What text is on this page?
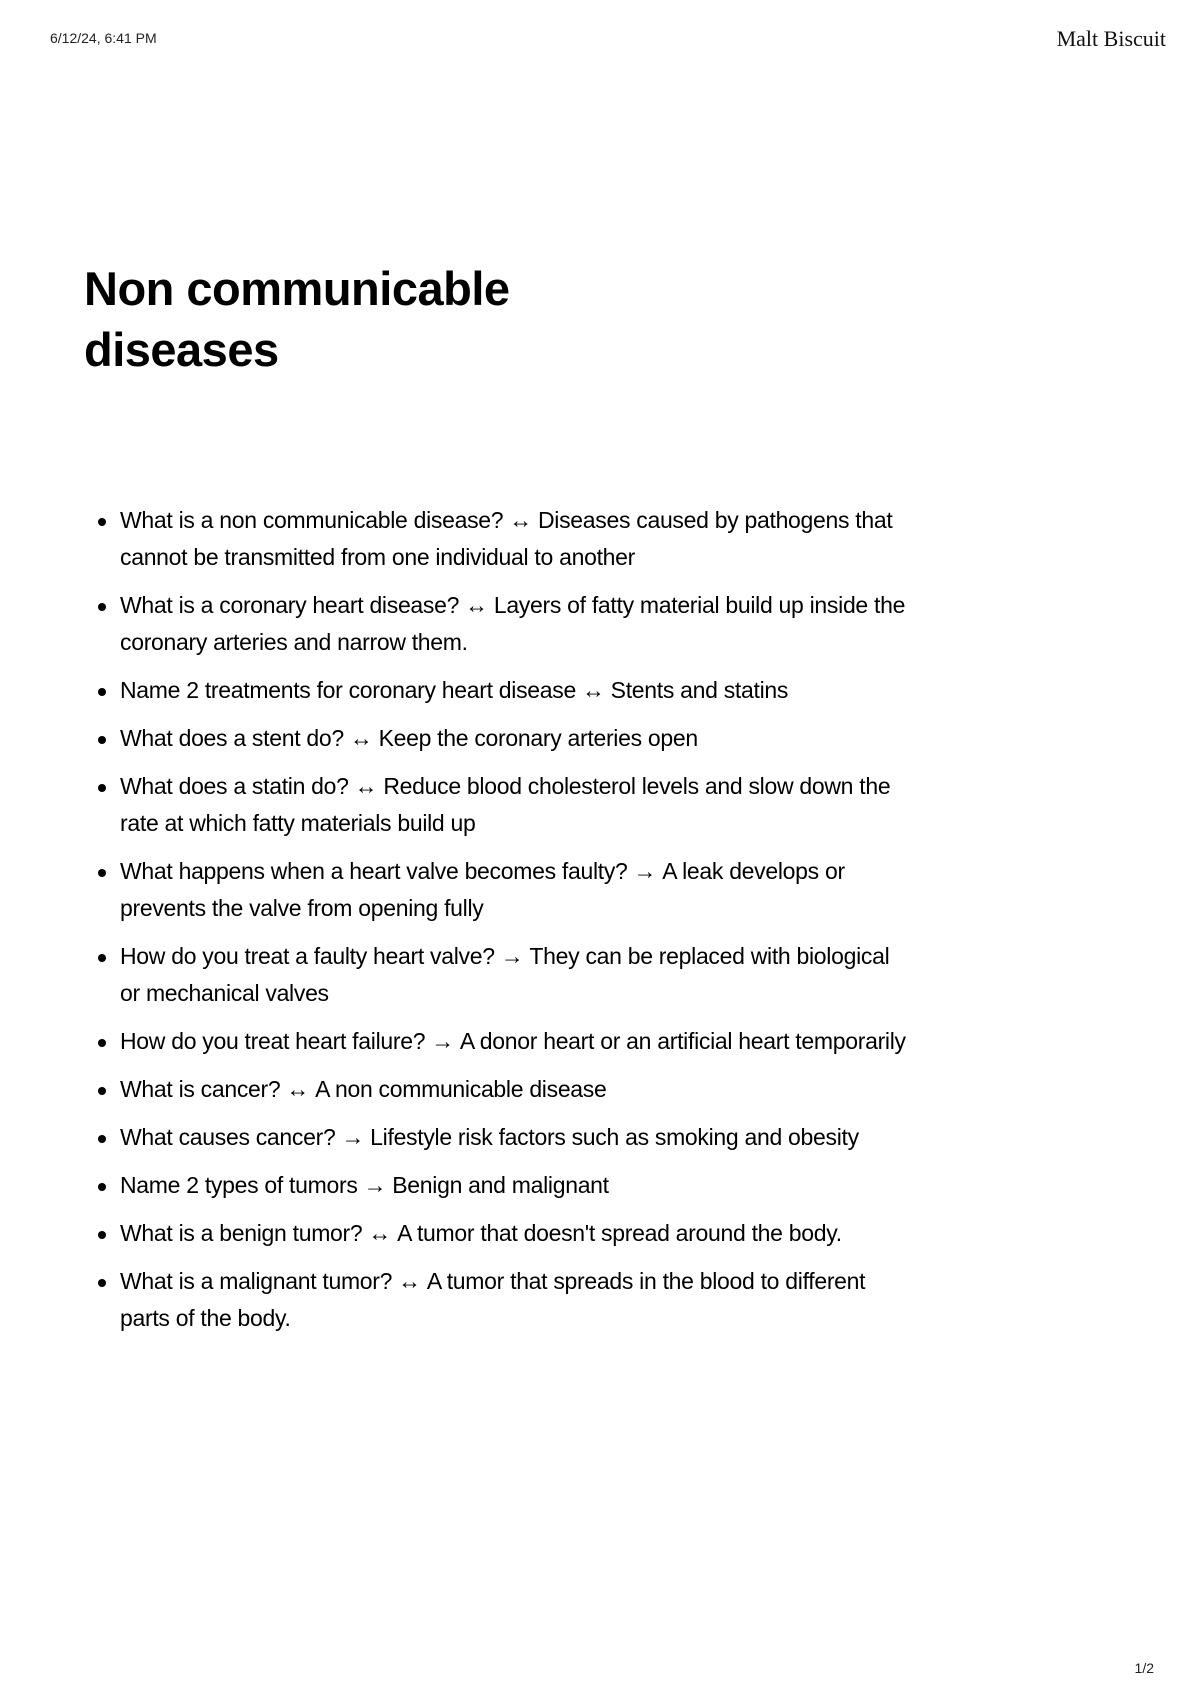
6/12/24, 6:41 PM	Malt Biscuit
Non communicable
diseases
What is a non communicable disease? ↔ Diseases caused by pathogens that cannot be transmitted from one individual to another
What is a coronary heart disease? ↔ Layers of fatty material build up inside the coronary arteries and narrow them.
Name 2 treatments for coronary heart disease ↔ Stents and statins
What does a stent do? ↔ Keep the coronary arteries open
What does a statin do? ↔ Reduce blood cholesterol levels and slow down the rate at which fatty materials build up
What happens when a heart valve becomes faulty? → A leak develops or prevents the valve from opening fully
How do you treat a faulty heart valve? → They can be replaced with biological or mechanical valves
How do you treat heart failure? → A donor heart or an artificial heart temporarily
What is cancer? ↔ A non communicable disease
What causes cancer? → Lifestyle risk factors such as smoking and obesity
Name 2 types of tumors → Benign and malignant
What is a benign tumor? ↔ A tumor that doesn't spread around the body.
What is a malignant tumor? ↔ A tumor that spreads in the blood to different parts of the body.
1/2
